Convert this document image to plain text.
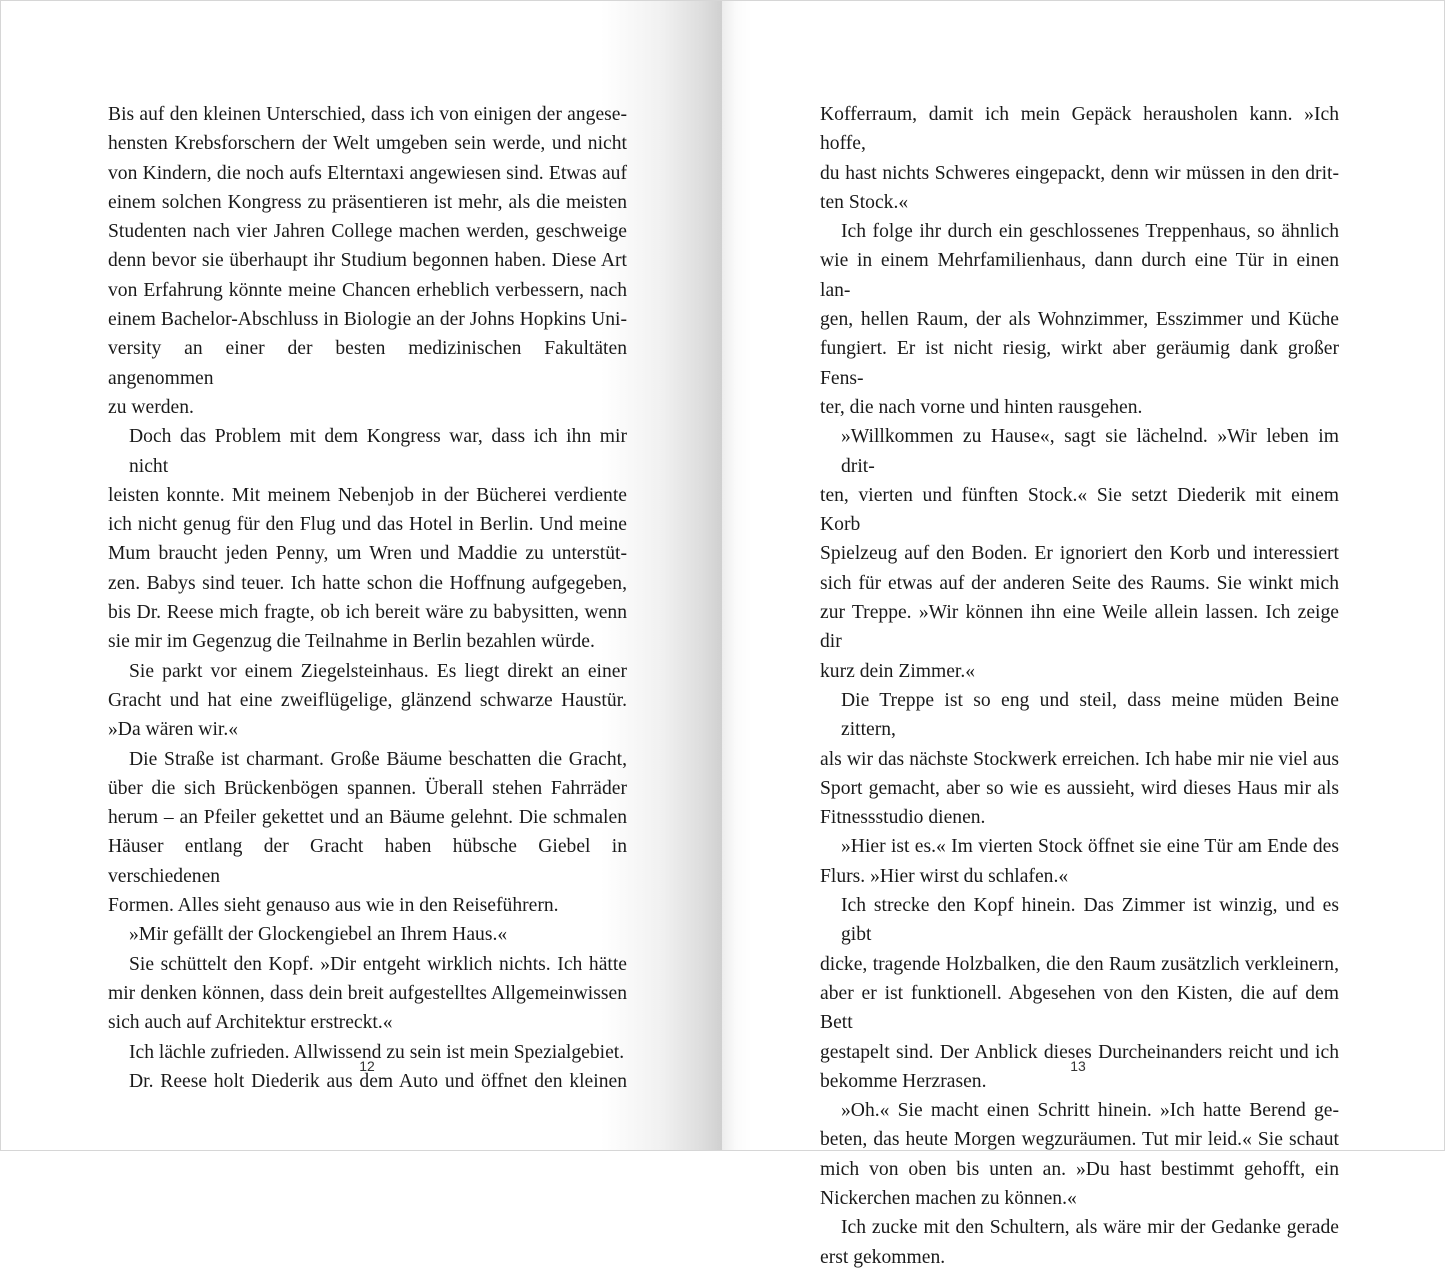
Bis auf den kleinen Unterschied, dass ich von einigen der angese-
hensten Krebsforschern der Welt umgeben sein werde, und nicht
von Kindern, die noch aufs Elterntaxi angewiesen sind. Etwas auf
einem solchen Kongress zu präsentieren ist mehr, als die meisten
Studenten nach vier Jahren College machen werden, geschweige
denn bevor sie überhaupt ihr Studium begonnen haben. Diese Art
von Erfahrung könnte meine Chancen erheblich verbessern, nach
einem Bachelor-Abschluss in Biologie an der Johns Hopkins Uni-
versity an einer der besten medizinischen Fakultäten angenommen
zu werden.
Doch das Problem mit dem Kongress war, dass ich ihn mir nicht
leisten konnte. Mit meinem Nebenjob in der Bücherei verdiente
ich nicht genug für den Flug und das Hotel in Berlin. Und meine
Mum braucht jeden Penny, um Wren und Maddie zu unterstüt-
zen. Babys sind teuer. Ich hatte schon die Hoffnung aufgegeben,
bis Dr. Reese mich fragte, ob ich bereit wäre zu babysitten, wenn
sie mir im Gegenzug die Teilnahme in Berlin bezahlen würde.
Sie parkt vor einem Ziegelsteinhaus. Es liegt direkt an einer
Gracht und hat eine zweiflügelige, glänzend schwarze Haustür.
»Da wären wir.«
Die Straße ist charmant. Große Bäume beschatten die Gracht,
über die sich Brückenbögen spannen. Überall stehen Fahrräder
herum – an Pfeiler gekettet und an Bäume gelehnt. Die schmalen
Häuser entlang der Gracht haben hübsche Giebel in verschiedenen
Formen. Alles sieht genauso aus wie in den Reiseführern.
»Mir gefällt der Glockengiebel an Ihrem Haus.«
Sie schüttelt den Kopf. »Dir entgeht wirklich nichts. Ich hätte
mir denken können, dass dein breit aufgestelltes Allgemeinwissen
sich auch auf Architektur erstreckt.«
Ich lächle zufrieden. Allwissend zu sein ist mein Spezialgebiet.
Dr. Reese holt Diederik aus dem Auto und öffnet den kleinen
12
Kofferraum, damit ich mein Gepäck herausholen kann. »Ich hoffe,
du hast nichts Schweres eingepackt, denn wir müssen in den drit-
ten Stock.«
Ich folge ihr durch ein geschlossenes Treppenhaus, so ähnlich
wie in einem Mehrfamilienhaus, dann durch eine Tür in einen lan-
gen, hellen Raum, der als Wohnzimmer, Esszimmer und Küche
fungiert. Er ist nicht riesig, wirkt aber geräumig dank großer Fens-
ter, die nach vorne und hinten rausgehen.
»Willkommen zu Hause«, sagt sie lächelnd. »Wir leben im drit-
ten, vierten und fünften Stock.« Sie setzt Diederik mit einem Korb
Spielzeug auf den Boden. Er ignoriert den Korb und interessiert
sich für etwas auf der anderen Seite des Raums. Sie winkt mich
zur Treppe. »Wir können ihn eine Weile allein lassen. Ich zeige dir
kurz dein Zimmer.«
Die Treppe ist so eng und steil, dass meine müden Beine zittern,
als wir das nächste Stockwerk erreichen. Ich habe mir nie viel aus
Sport gemacht, aber so wie es aussieht, wird dieses Haus mir als
Fitnessstudio dienen.
»Hier ist es.« Im vierten Stock öffnet sie eine Tür am Ende des
Flurs. »Hier wirst du schlafen.«
Ich strecke den Kopf hinein. Das Zimmer ist winzig, und es gibt
dicke, tragende Holzbalken, die den Raum zusätzlich verkleinern,
aber er ist funktionell. Abgesehen von den Kisten, die auf dem Bett
gestapelt sind. Der Anblick dieses Durcheinanders reicht und ich
bekomme Herzrasen.
»Oh.« Sie macht einen Schritt hinein. »Ich hatte Berend ge-
beten, das heute Morgen wegzuräumen. Tut mir leid.« Sie schaut
mich von oben bis unten an. »Du hast bestimmt gehofft, ein
Nickerchen machen zu können.«
Ich zucke mit den Schultern, als wäre mir der Gedanke gerade
erst gekommen.
13
